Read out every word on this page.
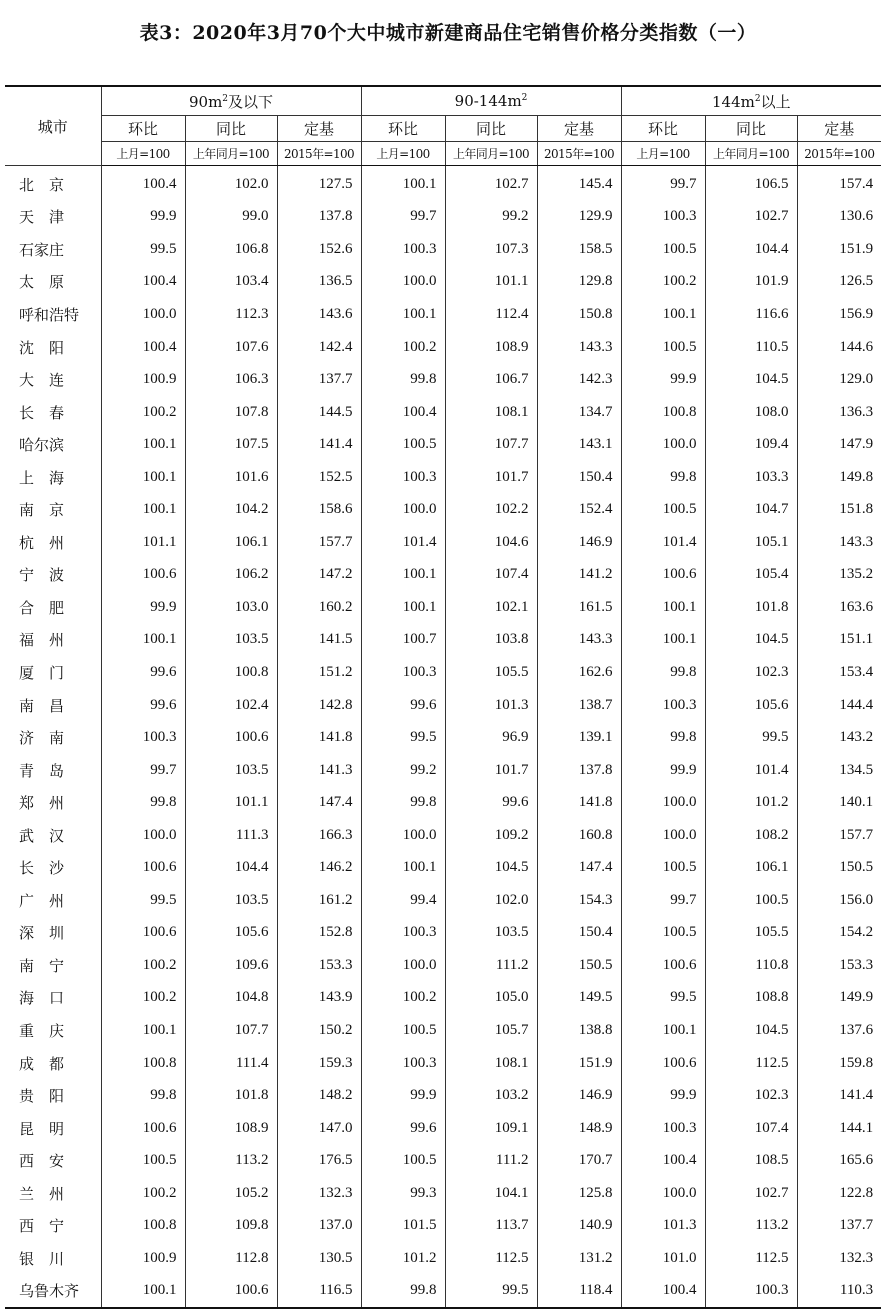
表3：2020年3月70个大中城市新建商品住宅销售价格分类指数（一）
城市	$90m^2$及以下			$90-144m^2$			$144m^2$以上		
	环比	同比	定基	环比	同比	定基	环比	同比	定基
	上月=100	上年同月=100	2015年=100	上月=100	上年同月=100	2015年=100	上月=100	上年同月=100	2015年=100
北　京	100.4	102.0	127.5	100.1	102.7	145.4	99.7	106.5	157.4
天　津	99.9	99.0	137.8	99.7	99.2	129.9	100.3	102.7	130.6
石家庄	99.5	106.8	152.6	100.3	107.3	158.5	100.5	104.4	151.9
太　原	100.4	103.4	136.5	100.0	101.1	129.8	100.2	101.9	126.5
呼和浩特	100.0	112.3	143.6	100.1	112.4	150.8	100.1	116.6	156.9
沈　阳	100.4	107.6	142.4	100.2	108.9	143.3	100.5	110.5	144.6
大　连	100.9	106.3	137.7	99.8	106.7	142.3	99.9	104.5	129.0
长　春	100.2	107.8	144.5	100.4	108.1	134.7	100.8	108.0	136.3
哈尔滨	100.1	107.5	141.4	100.5	107.7	143.1	100.0	109.4	147.9
上　海	100.1	101.6	152.5	100.3	101.7	150.4	99.8	103.3	149.8
南　京	100.1	104.2	158.6	100.0	102.2	152.4	100.5	104.7	151.8
杭　州	101.1	106.1	157.7	101.4	104.6	146.9	101.4	105.1	143.3
宁　波	100.6	106.2	147.2	100.1	107.4	141.2	100.6	105.4	135.2
合　肥	99.9	103.0	160.2	100.1	102.1	161.5	100.1	101.8	163.6
福　州	100.1	103.5	141.5	100.7	103.8	143.3	100.1	104.5	151.1
厦　门	99.6	100.8	151.2	100.3	105.5	162.6	99.8	102.3	153.4
南　昌	99.6	102.4	142.8	99.6	101.3	138.7	100.3	105.6	144.4
济　南	100.3	100.6	141.8	99.5	96.9	139.1	99.8	99.5	143.2
青　岛	99.7	103.5	141.3	99.2	101.7	137.8	99.9	101.4	134.5
郑　州	99.8	101.1	147.4	99.8	99.6	141.8	100.0	101.2	140.1
武　汉	100.0	111.3	166.3	100.0	109.2	160.8	100.0	108.2	157.7
长　沙	100.6	104.4	146.2	100.1	104.5	147.4	100.5	106.1	150.5
广　州	99.5	103.5	161.2	99.4	102.0	154.3	99.7	100.5	156.0
深　圳	100.6	105.6	152.8	100.3	103.5	150.4	100.5	105.5	154.2
南　宁	100.2	109.6	153.3	100.0	111.2	150.5	100.6	110.8	153.3
海　口	100.2	104.8	143.9	100.2	105.0	149.5	99.5	108.8	149.9
重　庆	100.1	107.7	150.2	100.5	105.7	138.8	100.1	104.5	137.6
成　都	100.8	111.4	159.3	100.3	108.1	151.9	100.6	112.5	159.8
贵　阳	99.8	101.8	148.2	99.9	103.2	146.9	99.9	102.3	141.4
昆　明	100.6	108.9	147.0	99.6	109.1	148.9	100.3	107.4	144.1
西　安	100.5	113.2	176.5	100.5	111.2	170.7	100.4	108.5	165.6
兰　州	100.2	105.2	132.3	99.3	104.1	125.8	100.0	102.7	122.8
西　宁	100.8	109.8	137.0	101.5	113.7	140.9	101.3	113.2	137.7
银　川	100.9	112.8	130.5	101.2	112.5	131.2	101.0	112.5	132.3
乌鲁木齐	100.1	100.6	116.5	99.8	99.5	118.4	100.4	100.3	110.3
